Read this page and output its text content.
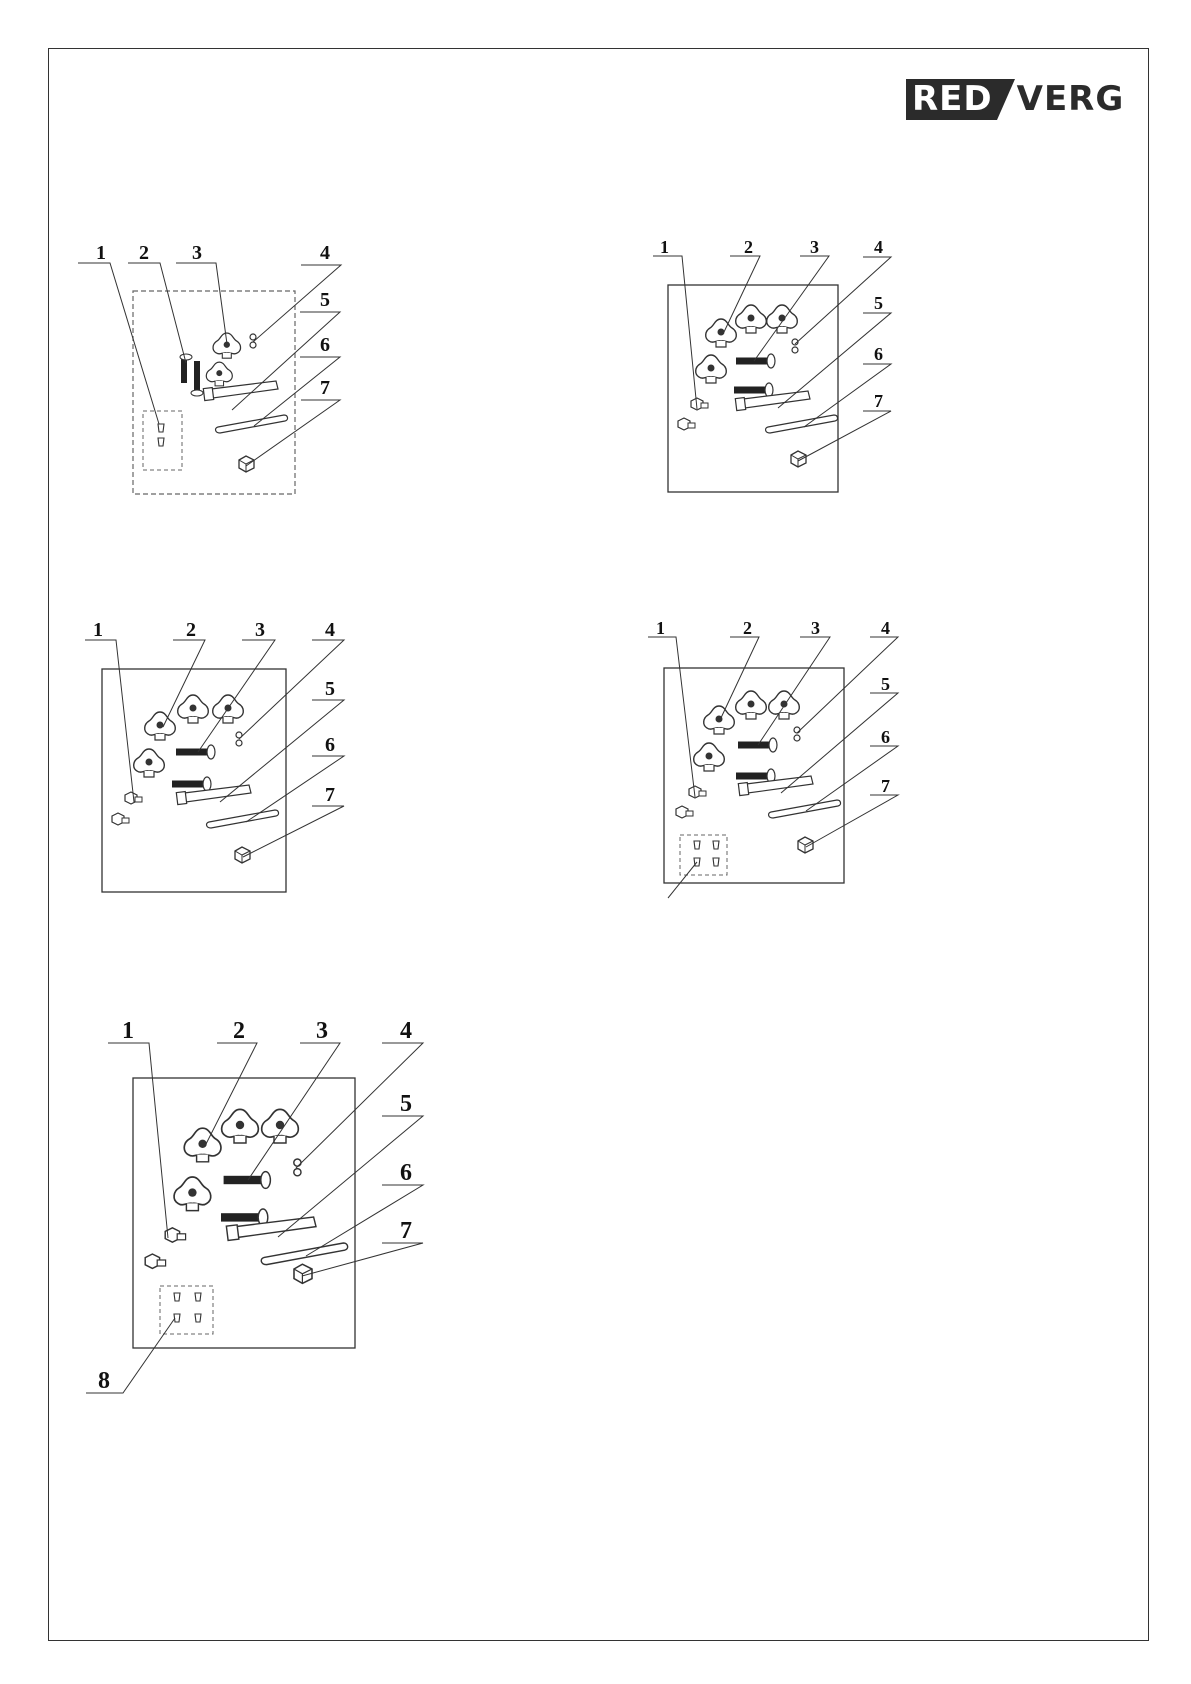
RED VERG
1 2 3	4
5
6
7
1	2	3	4
5
6
7
1	2	3	4
5
6
7
1	2	3	4
5
6
7
1	2	3	4
5
6
7
8
